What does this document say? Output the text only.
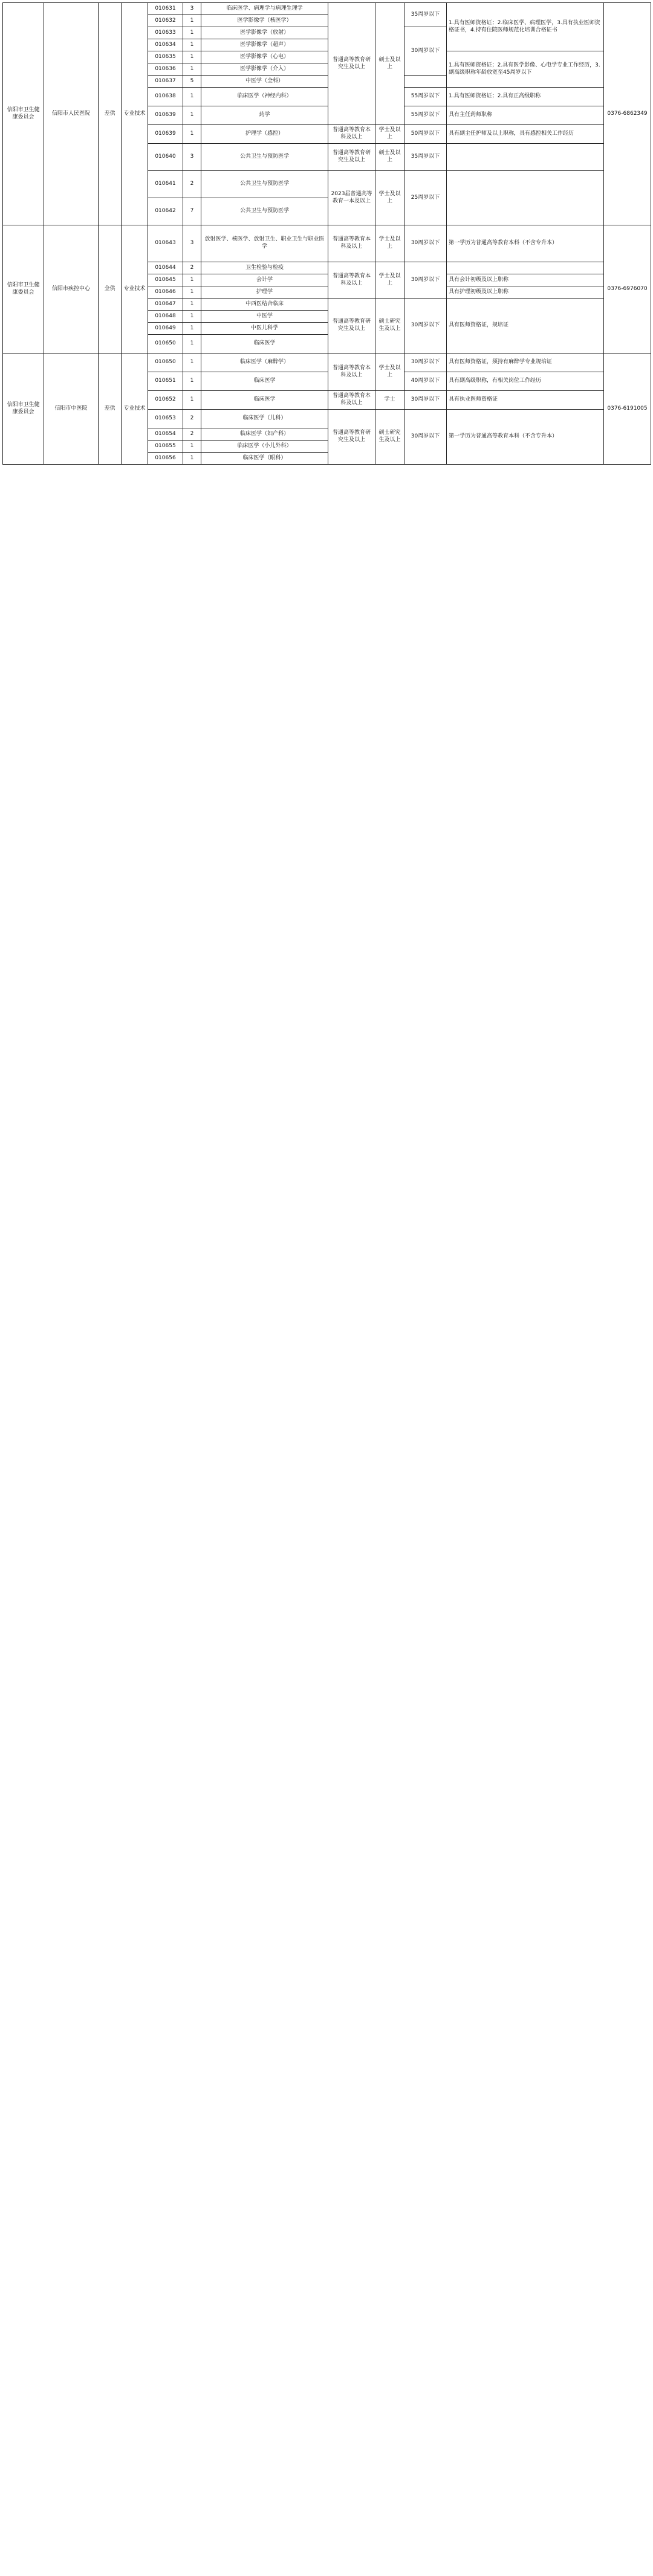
信阳市卫生健康委员会	信阳市人民医院	差供	专业技术	010631	3	临床医学、病理学与病理生理学	普通高等教育研究生及以上	硕士及以上	35周岁以下	1.具有医师资格证；2.临床医学、病理医学，3.具有执业医师资格证书，4.持有住院医师规范化培训合格证书	0376-6862349
				010632	1	医学影像学（核医学）					
				010633	1	医学影像学（放射）			30周岁以下		
				010634	1	医学影像学（超声）					
				010635	1	医学影像学（心电）				1.具有医师资格证；2.具有医学影像、心电学专业工作经历，3.副高级职称年龄放宽至45周岁以下	
				010636	1	医学影像学（介入）					
				010637	5	中医学（全科）					
				010638	1	临床医学（神经内科）			55周岁以下	1.具有医师资格证；2.具有正高级职称	
				010639	1	药学			55周岁以下	具有主任药师职称	
				010639	1	护理学（感控）	普通高等教育本科及以上	学士及以上	50周岁以下	具有副主任护师及以上职称，具有感控相关工作经历	
				010640	3	公共卫生与预防医学	普通高等教育研究生及以上	硕士及以上	35周岁以下		
				010641	2	公共卫生与预防医学	2023届普通高等教育一本及以上	学士及以上	25周岁以下		
				010642	7	公共卫生与预防医学					
信阳市卫生健康委员会	信阳市疾控中心	全供	专业技术	010643	3	放射医学、核医学、放射卫生、职业卫生与职业医学	普通高等教育本科及以上	学士及以上	30周岁以下	第一学历为普通高等教育本科（不含专升本）	0376-6976070
				010644	2	卫生检验与检疫	普通高等教育本科及以上	学士及以上	30周岁以下		
				010645	1	会计学				具有会计初级及以上职称	
				010646	1	护理学				具有护理初级及以上职称	
				010647	1	中西医结合临床	普通高等教育研究生及以上	硕士研究生及以上	30周岁以下	具有医师资格证，规培证	
				010648	1	中医学					
				010649	1	中医儿科学					
				010650	1	临床医学					
信阳市卫生健康委员会	信阳市中医院	差供	专业技术	010650	1	临床医学（麻醉学）	普通高等教育本科及以上	学士及以上	30周岁以下	具有医师资格证，须持有麻醉学专业规培证	0376-6191005
				010651	1	临床医学			40周岁以下	具有副高级职称，有相关岗位工作经历	
				010652	1	临床医学	普通高等教育本科及以上	学士	30周岁以下	具有执业医师资格证	
				010653	2	临床医学（儿科）	普通高等教育研究生及以上	硕士研究生及以上	30周岁以下	第一学历为普通高等教育本科（不含专升本）	
				010654	2	临床医学（妇产科）					
				010655	1	临床医学（小儿外科）					
				010656	1	临床医学（眼科）					
